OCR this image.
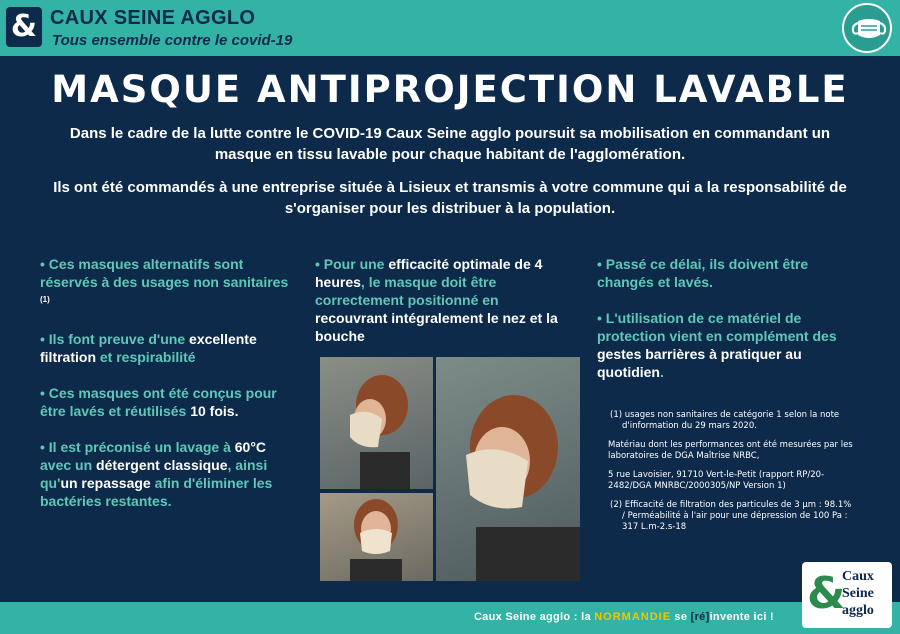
& CAUX SEINE AGGLO
Tous ensemble contre le covid-19
MASQUE ANTIPROJECTION LAVABLE
Dans le cadre de la lutte contre le COVID-19 Caux Seine agglo poursuit sa mobilisation en commandant un masque en tissu lavable pour chaque habitant de l'agglomération.
Ils ont été commandés à une entreprise située à Lisieux et transmis à votre commune qui a la responsabilité de s'organiser pour les distribuer à la population.
• Ces masques alternatifs sont réservés à des usages non sanitaires $^{(1)}$
• Ils font preuve d'une excellente filtration et respirabilité
• Ces masques ont été conçus pour être lavés et réutilisés 10 fois.
• Il est préconisé un lavage à 60°C avec un détergent classique, ainsi qu'un repassage afin d'éliminer les bactéries restantes.
• Pour une efficacité optimale de 4 heures, le masque doit être correctement positionné en recouvrant intégralement le nez et la bouche
• Passé ce délai, ils doivent être changés et lavés.
• L'utilisation de ce matériel de protection vient en complément des gestes barrières à pratiquer au quotidien.

(1) usages non sanitaires de catégorie 1 selon la note d'information du 29 mars 2020.

Matériau dont les performances ont été mesurées par les laboratoires de DGA Maîtrise NRBC,

5 rue Lavoisier, 91710 Vert-le-Petit (rapport RP/20-2482/DGA MNRBC/2000305/NP Version 1)

(2) Efficacité de filtration des particules de 3 µm : 98.1% / Perméabilité à l'air pour une dépression de 100 Pa : 317 L.m-2.s-18

Caux Seine agglo : la NORMANDIE se [ré]invente ici ! &
Caux
Seine
agglo
